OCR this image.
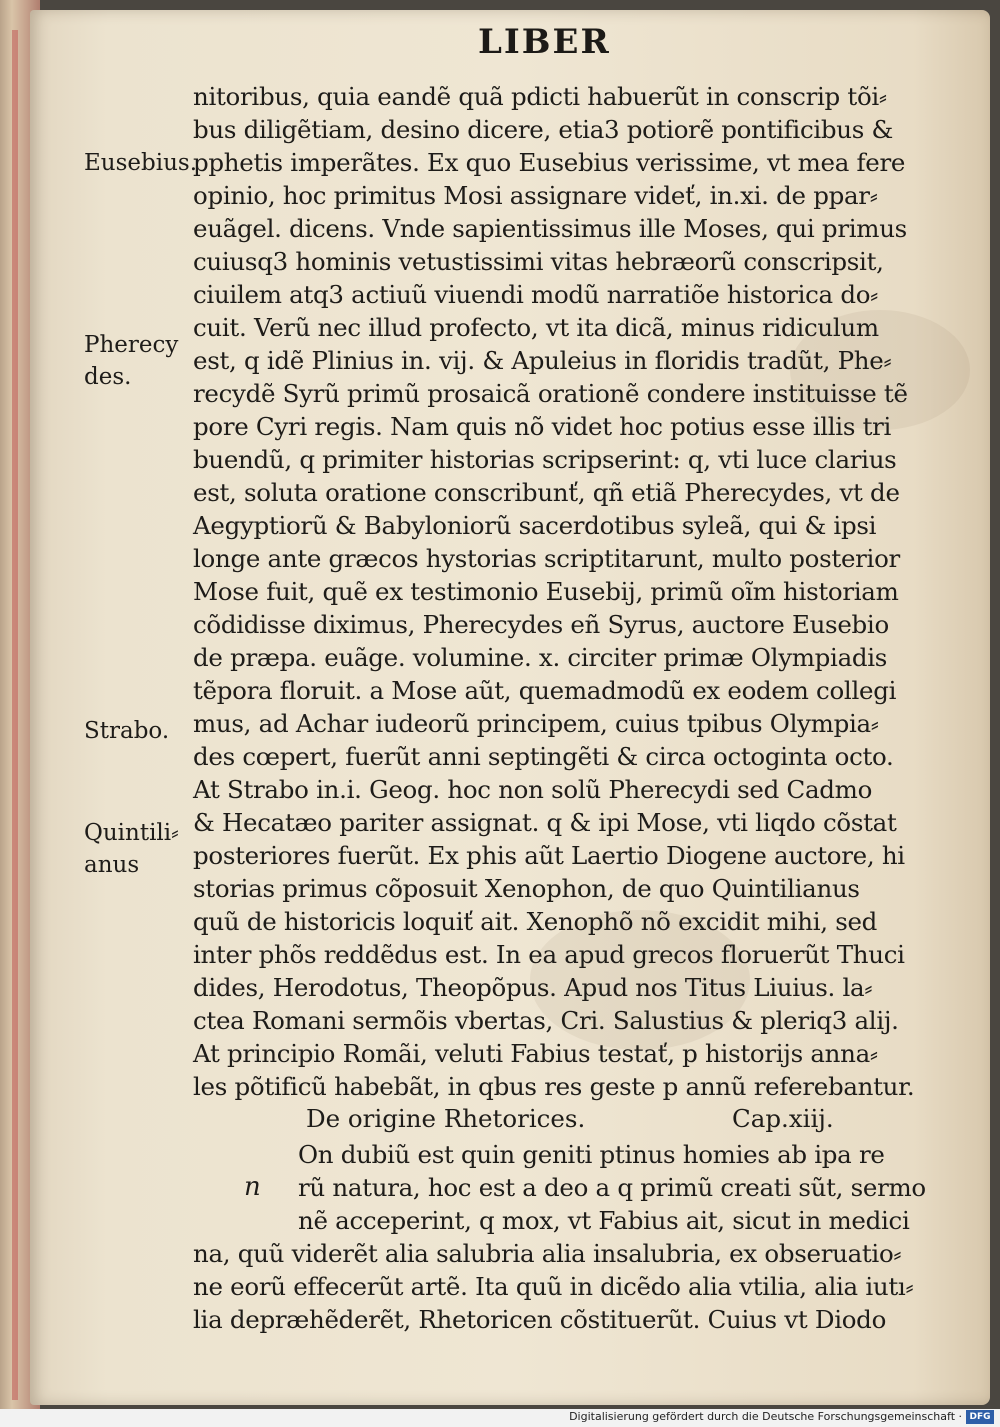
LIBER
nitoribus, quia eandẽ quã pdicti habuerũt in conscrip tõi⸗
bus diligẽtiam, desino dicere, etia3 potiorẽ pontificibus &
pphetis imperãtes. Ex quo Eusebius verissime, vt mea fere
opinio, hoc primitus Mosi assignare videť, in.xi. de ppar⸗
euãgel. dicens. Vnde sapientissimus ille Moses, qui primus
cuiusq3 hominis vetustissimi vitas hebræorũ conscripsit,
ciuilem atq3 actiuũ viuendi modũ narratiõe historica do⸗
cuit. Verũ nec illud profecto, vt ita dicã, minus ridiculum
est, q idẽ Plinius in. vij. & Apuleius in floridis tradũt, Phe⸗
recydẽ Syrũ primũ prosaicã orationẽ condere instituisse tẽ
pore Cyri regis. Nam quis nõ videt hoc potius esse illis tri
buendũ, q primiter historias scripserint: q, vti luce clarius
est, soluta oratione conscribunť, qñ etiã Pherecydes, vt de
Aegyptiorũ & Babyloniorũ sacerdotibus syleã, qui & ipsi
longe ante græcos hystorias scriptitarunt, multo posterior
Mose fuit, quẽ ex testimonio Eusebij, primũ oĩm historiam
cõdidisse diximus, Pherecydes eñ Syrus, auctore Eusebio
de præpa. euãge. volumine. x. circiter primæ Olympiadis
tẽpora floruit. a Mose aũt, quemadmodũ ex eodem collegi
mus, ad Achar iudeorũ principem, cuius tpibus Olympia⸗
des cœpert, fuerũt anni septingẽti & circa octoginta octo.
At Strabo in.i. Geog. hoc non solũ Pherecydi sed Cadmo
& Hecatæo pariter assignat. q & ipi Mose, vti liqdo cõstat
posteriores fuerũt. Ex phis aũt Laertio Diogene auctore, hi
storias primus cõposuit Xenophon, de quo Quintilianus
quũ de historicis loquiť ait. Xenophõ nõ excidit mihi, sed
inter phõs reddẽdus est. In ea apud grecos floruerũt Thuci
dides, Herodotus, Theopõpus. Apud nos Titus Liuius. la⸗
ctea Romani sermõis vbertas, Cri. Salustius & pleriq3 alij.
At principio Romãi, veluti Fabius testať, p historijs anna⸗
les põtificũ habebãt, in qbus res geste p annũ referebantur.
De origine Rhetorices.	Cap.xiij.
On dubiũ est quin geniti ptinus homies ab ipa re
n rũ natura, hoc est a deo a q primũ creati sũt, sermo
nẽ acceperint, q mox, vt Fabius ait, sicut in medici
na, quũ viderẽt alia salubria alia insalubria, ex obseruatio⸗
ne eorũ effecerũt artẽ. Ita quũ in dicẽdo alia vtilia, alia iutı⸗
lia depræhẽderẽt, Rhetoricen cõstituerũt. Cuius vt Diodo
Eusebius.
Pherecy
des.
Strabo.
Quintili⸗
anus
Digitalisierung gefördert durch die Deutsche Forschungsgemeinschaft · DFG
